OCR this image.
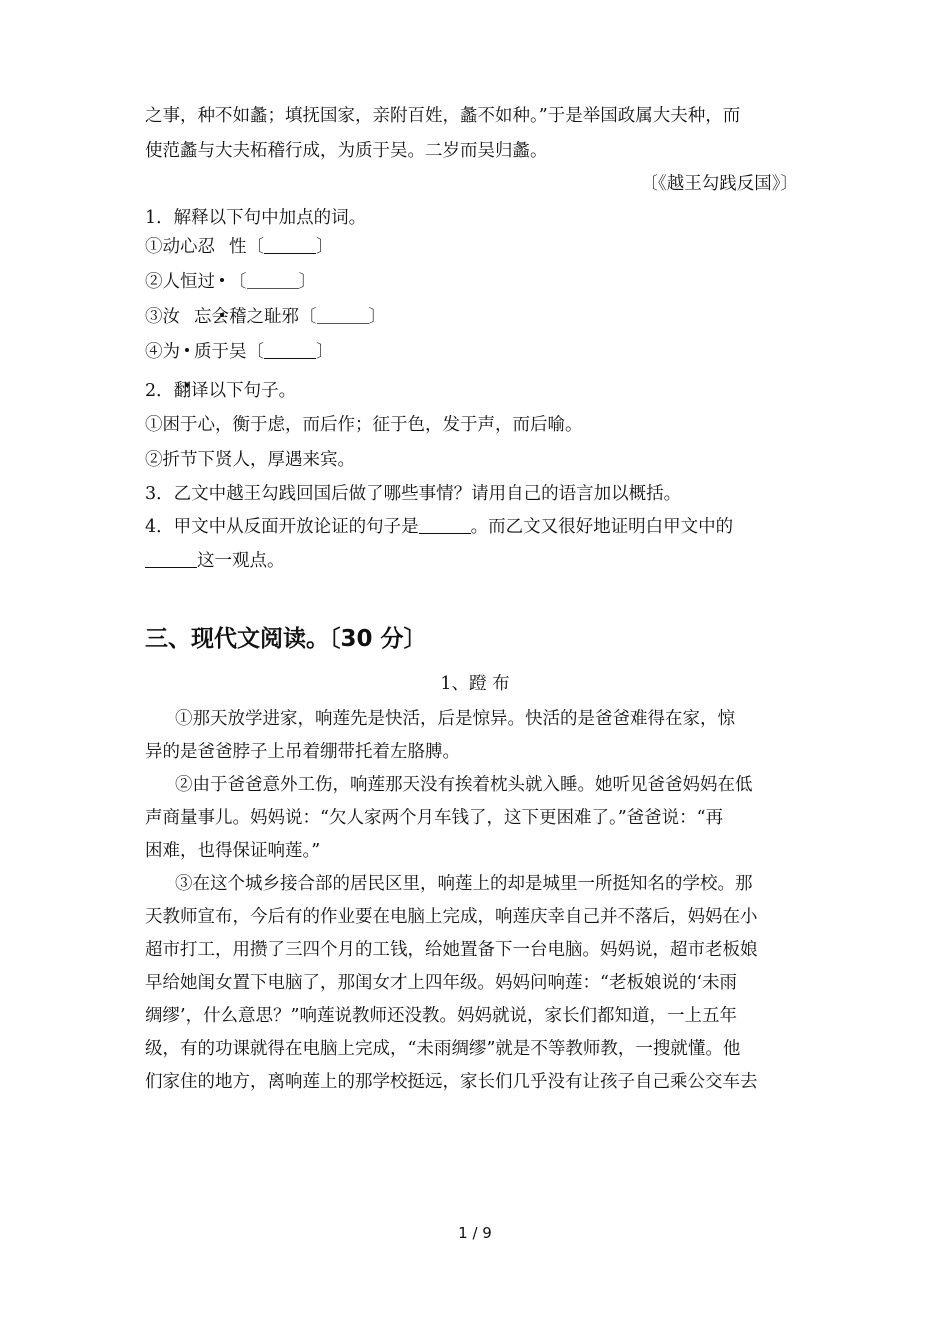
之事，种不如蠡；填抚国家，亲附百姓，蠡不如种。”于是举国政属大夫种，而
使范蠡与大夫柘稽行成，为质于吴。二岁而吴归蠡。
〔《越王勾践反国》〕
1．解释以下句中加点的词。
①动心忍 性〔	〕
②人恒过 〔	〕
③汝 忘会稽之耻邪〔	〕
④为 质于吴〔	〕
2．翻译以下句子。
①困于心，衡于虑，而后作；征于色，发于声，而后喻。
②折节下贤人，厚遇来宾。
3．乙文中越王勾践回国后做了哪些事情？请用自己的语言加以概括。
4．甲文中从反面开放论证的句子是	。而乙文又很好地证明白甲文中的
这一观点。
三、现代文阅读。〔30 分〕
1、蹬 布
①那天放学进家，响莲先是快活，后是惊异。快活的是爸爸难得在家，惊
异的是爸爸脖子上吊着绷带托着左胳膊。
②由于爸爸意外工伤，响莲那天没有挨着枕头就入睡。她听见爸爸妈妈在低
声商量事儿。妈妈说：“欠人家两个月车钱了，这下更困难了。”爸爸说：“再
困难，也得保证响莲。”
③在这个城乡接合部的居民区里，响莲上的却是城里一所挺知名的学校。那
天教师宣布，今后有的作业要在电脑上完成，响莲庆幸自己并不落后，妈妈在小
超市打工，用攒了三四个月的工钱，给她置备下一台电脑。妈妈说，超市老板娘
早给她闺女置下电脑了，那闺女才上四年级。妈妈问响莲：“老板娘说的‘未雨
绸缪’，什么意思？”响莲说教师还没教。妈妈就说，家长们都知道，一上五年
级，有的功课就得在电脑上完成，“未雨绸缪”就是不等教师教，一搜就懂。他
们家住的地方，离响莲上的那学校挺远，家长们几乎没有让孩子自己乘公交车去
1 / 9
